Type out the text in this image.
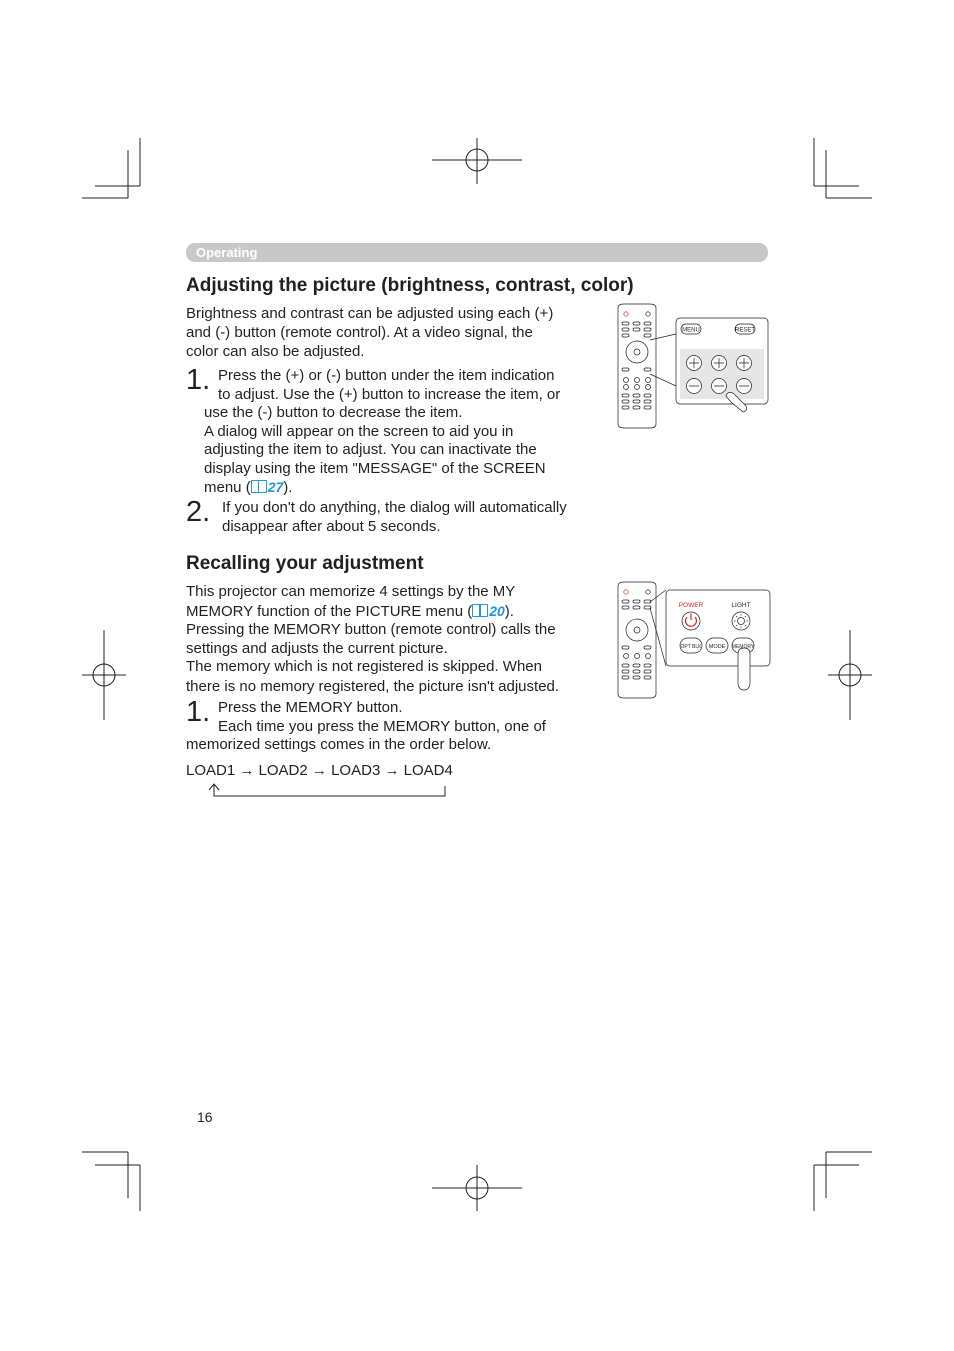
Operating
Adjusting the picture (brightness, contrast, color)
Brightness and contrast can be adjusted using each (+)
and (-) button (remote control). At a video signal, the
color can also be adjusted.
1. Press the (+) or (-) button under the item indication
to adjust. Use the (+) button to increase the item, or
use the (-) button to decrease the item.
A dialog will appear on the screen to aid you in
adjusting the item to adjust. You can inactivate the
display using the item "MESSAGE" of the SCREEN
menu ( 27).
2. If you don't do anything, the dialog will automatically
disappear after about 5 seconds.
MENU	RESET
Recalling your adjustment
This projector can memorize 4 settings by the MY
MEMORY function of the PICTURE menu ( 20).
Pressing the MEMORY button (remote control) calls the
settings and adjusts the current picture.
The memory which is not registered is skipped. When
there is no memory registered, the picture isn't adjusted.
1. Press the MEMORY button.
Each time you press the MEMORY button, one of
memorized settings comes in the order below.
LOAD1 → LOAD2 → LOAD3 → LOAD4
POWER	LIGHT
OPT BLK MODE MEMORY
16
